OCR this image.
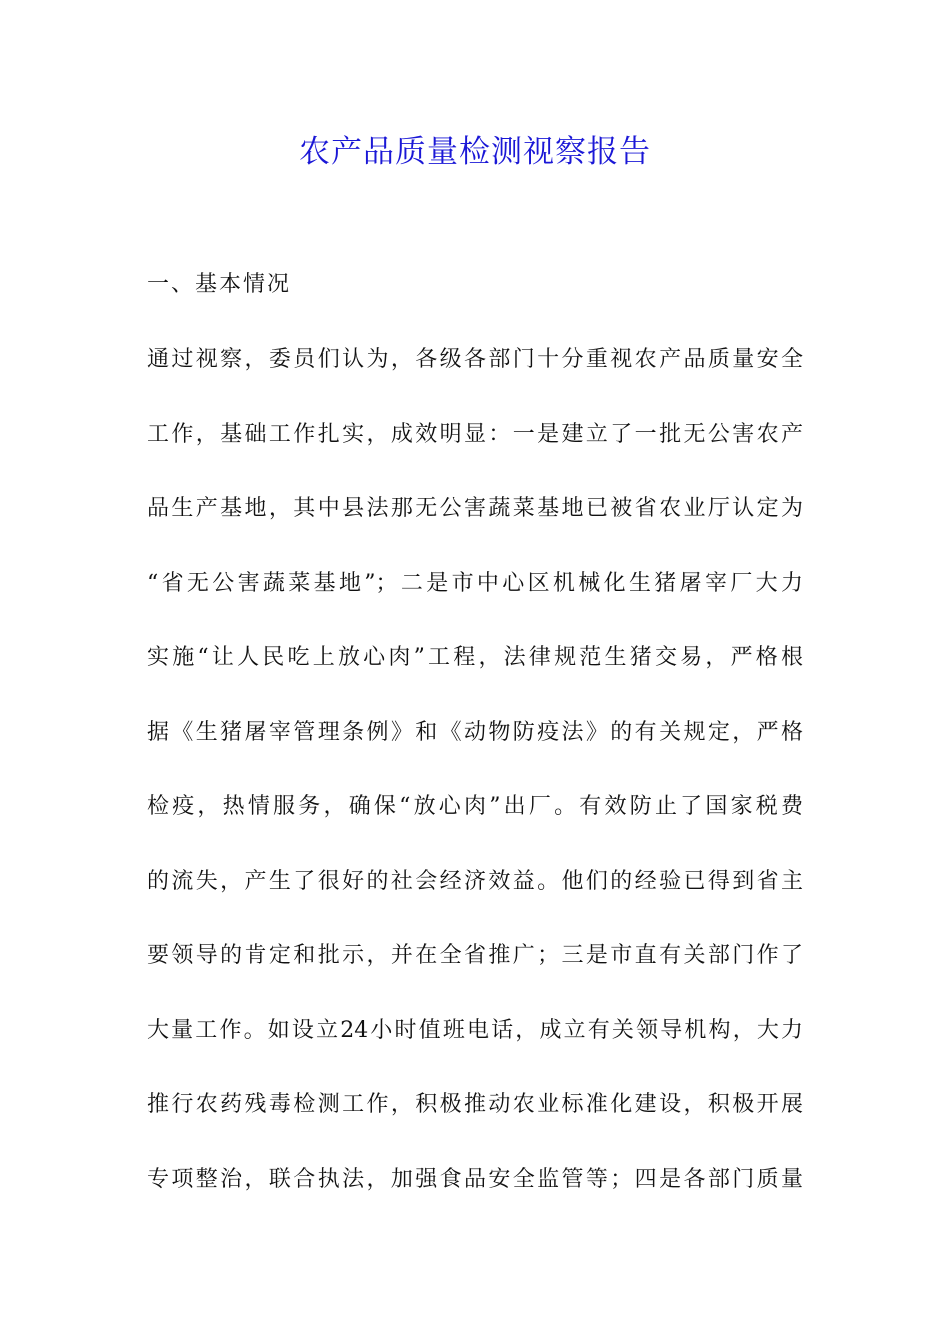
农产品质量检测视察报告

一、基本情况

通过视察，委员们认为，各级各部门十分重视农产品质量安全
工作，基础工作扎实，成效明显：一是建立了一批无公害农产
品生产基地，其中县法那无公害蔬菜基地已被省农业厅认定为
“省无公害蔬菜基地”；二是市中心区机械化生猪屠宰厂大力
实施“让人民吃上放心肉”工程，法律规范生猪交易，严格根
据《生猪屠宰管理条例》和《动物防疫法》的有关规定，严格
检疫，热情服务，确保“放心肉”出厂。有效防止了国家税费
的流失，产生了很好的社会经济效益。他们的经验已得到省主
要领导的肯定和批示，并在全省推广；三是市直有关部门作了
大量工作。如设立24小时值班电话，成立有关领导机构，大力
推行农药残毒检测工作，积极推动农业标准化建设，积极开展
专项整治，联合执法，加强食品安全监管等；四是各部门质量
